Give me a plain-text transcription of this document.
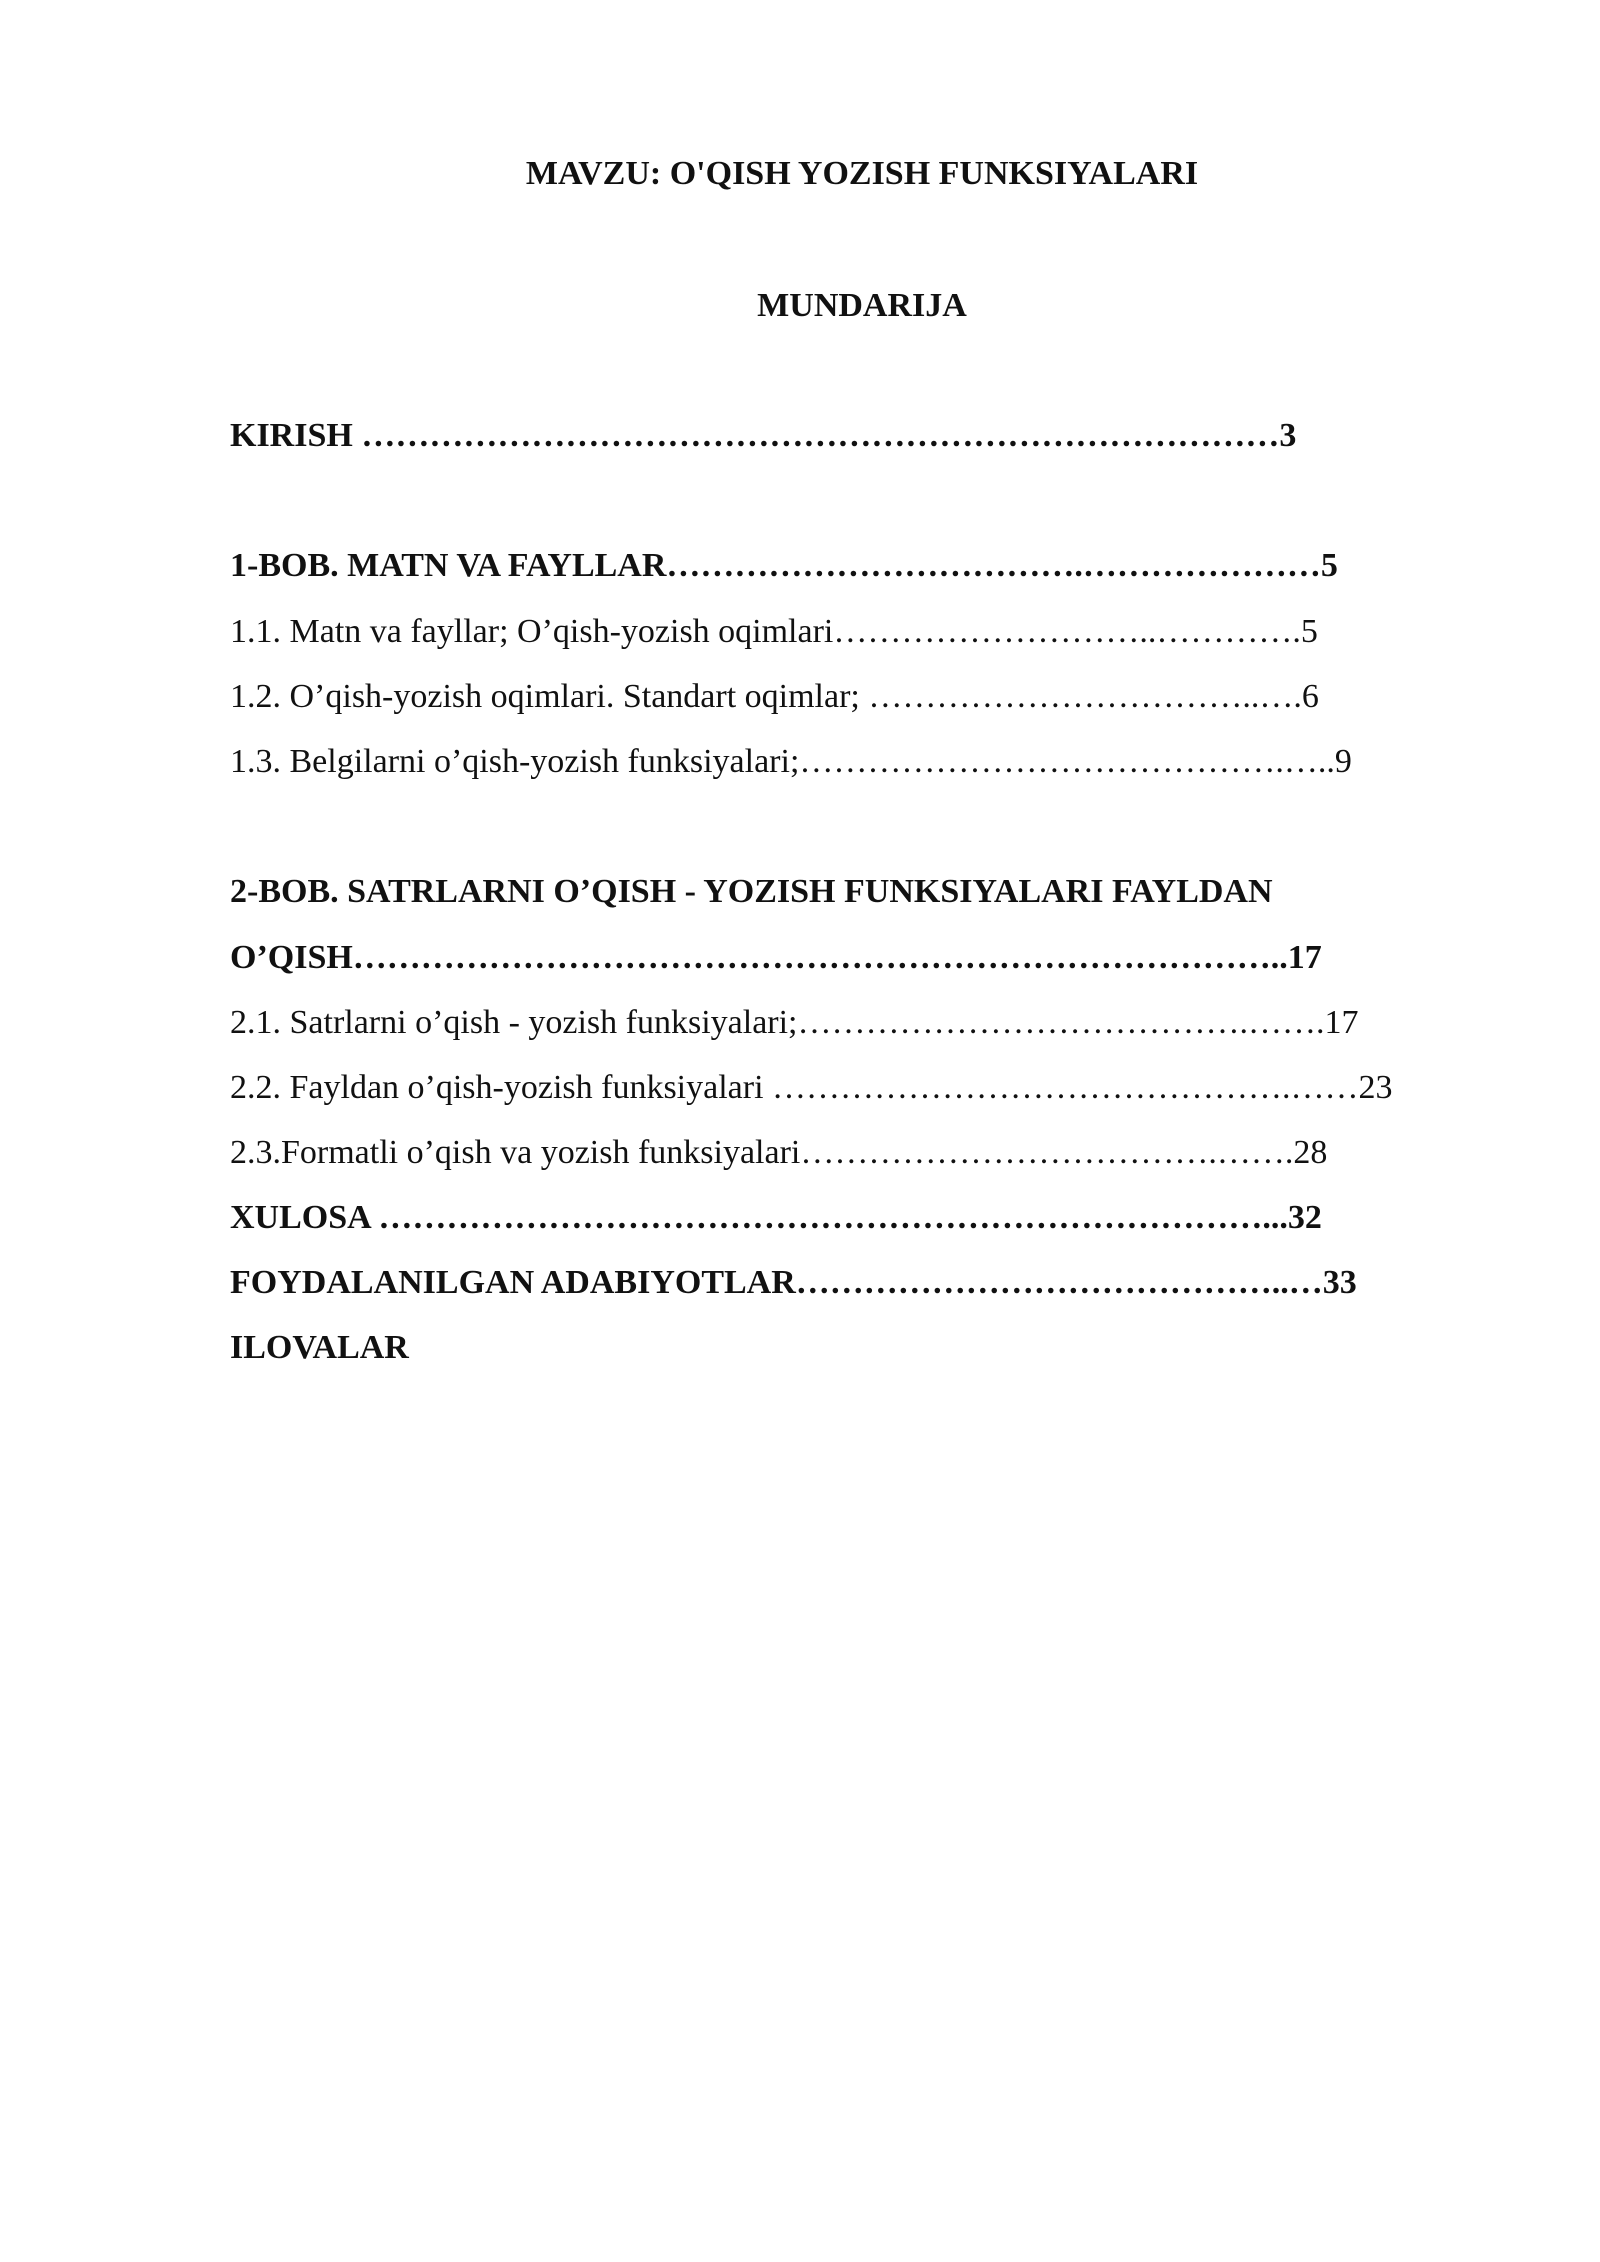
MAVZU: O'QISH YOZISH FUNKSIYALARI
MUNDARIJA
KIRISH ………………………………………………………………………3
1-BOB. MATN VA FAYLLAR……………………………….…………………5
1.1. Matn va fayllar; O’qish-yozish oqimlari………………………..………….5
1.2. O’qish-yozish oqimlari. Standart oqimlar; ……………………………..….6
1.3. Belgilarni o’qish-yozish funksiyalari;…………………………………….…..9
2-BOB. SATRLARNI O’QISH - YOZISH FUNKSIYALARI FAYLDAN
O’QISH………………………………………………………………………..17
2.1. Satrlarni o’qish - yozish funksiyalari;………………………………….…….17
2.2. Fayldan o’qish-yozish funksiyalari ……………………………………….……23
2.3.Formatli o’qish va yozish funksiyalari……………………………….…….28
XULOSA ……………………………………………………………………...32
FOYDALANILGAN ADABIYOTLAR……………………………………..…33
ILOVALAR
